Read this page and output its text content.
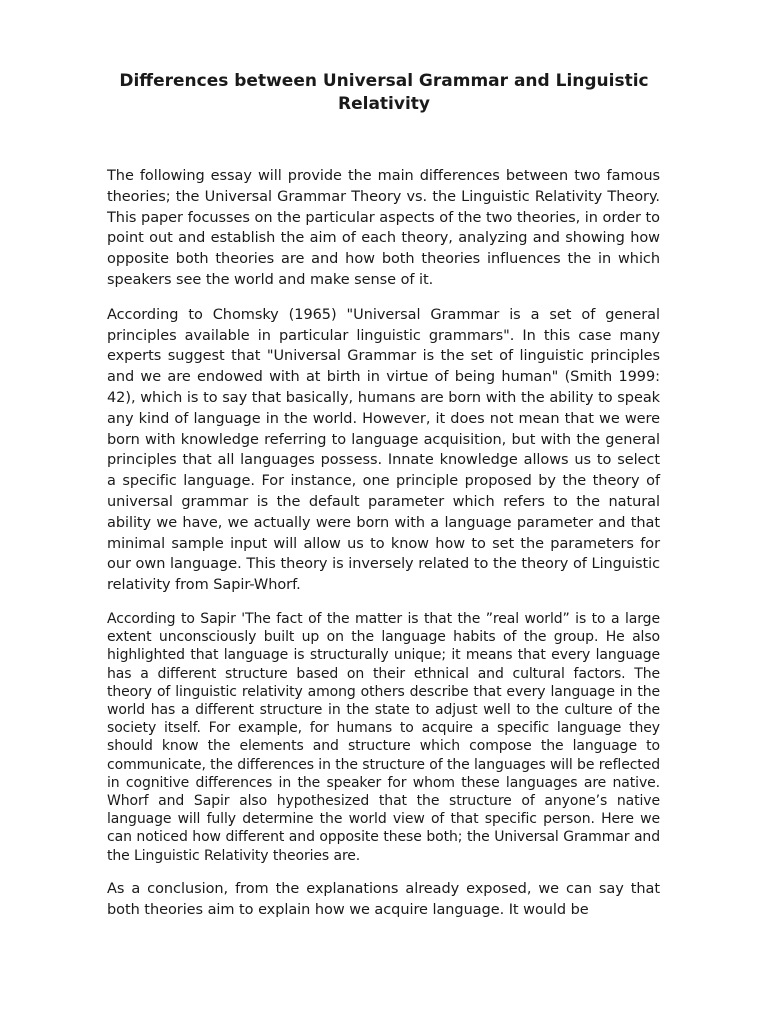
Differences between Universal Grammar and Linguistic Relativity

The following essay will provide the main differences between two famous theories; the Universal Grammar Theory vs. the Linguistic Relativity Theory. This paper focusses on the particular aspects of the two theories, in order to point out and establish the aim of each theory, analyzing and showing how opposite both theories are and how both theories influences the in which speakers see the world and make sense of it.

According to Chomsky (1965) "Universal Grammar is a set of general principles available in particular linguistic grammars". In this case many experts suggest that "Universal Grammar is the set of linguistic principles and we are endowed with at birth in virtue of being human" (Smith 1999: 42), which is to say that basically, humans are born with the ability to speak any kind of language in the world. However, it does not mean that we were born with knowledge referring to language acquisition, but with the general principles that all languages possess. Innate knowledge allows us to select a specific language. For instance, one principle proposed by the theory of universal grammar is the default parameter which refers to the natural ability we have, we actually were born with a language parameter and that minimal sample input will allow us to know how to set the parameters for our own language. This theory is inversely related to the theory of Linguistic relativity from Sapir-Whorf.

According to Sapir 'The fact of the matter is that the ”real world” is to a large extent unconsciously built up on the language habits of the group. He also highlighted that language is structurally unique; it means that every language has a different structure based on their ethnical and cultural factors. The theory of linguistic relativity among others describe that every language in the world has a different structure in the state to adjust well to the culture of the society itself. For example, for humans to acquire a specific language they should know the elements and structure which compose the language to communicate, the differences in the structure of the languages will be reflected in cognitive differences in the speaker for whom these languages are native. Whorf and Sapir also hypothesized that the structure of anyone’s native language will fully determine the world view of that specific person. Here we can noticed how different and opposite these both; the Universal Grammar and the Linguistic Relativity theories are.

As a conclusion, from the explanations already exposed, we can say that both theories aim to explain how we acquire language. It would be
